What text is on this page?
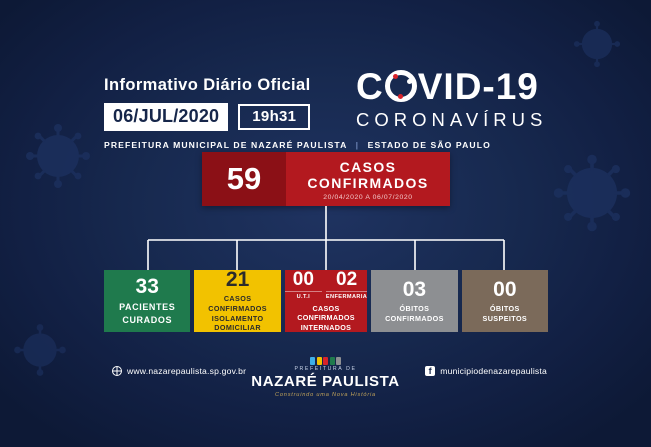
Informativo Diário Oficial
06/JUL/2020	19h31
PREFEITURA MUNICIPAL DE NAZARÉ PAULISTA | ESTADO DE SÃO PAULO
C VID-19
CORONAVÍRUS
59	CASOS
CONFIRMADOS
20/04/2020 A 06/07/2020
33
PACIENTES
CURADOS
21
CASOS CONFIRMADOS
ISOLAMENTO
DOMICILIAR
00
U.T.I
02
ENFERMARIA
CASOS CONFIRMADOS
INTERNADOS
03
ÓBITOS
CONFIRMADOS
00
ÓBITOS
SUSPEITOS
www.nazarepaulista.sp.gov.br	PREFEITURA DE
NAZARÉ PAULISTA
Construindo uma Nova História
f municipiodenazarepaulista
